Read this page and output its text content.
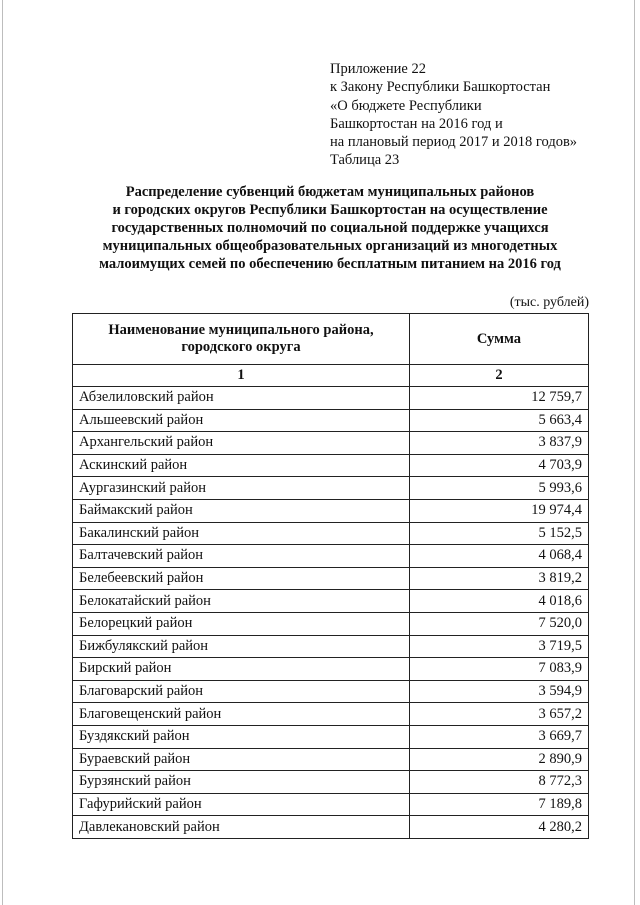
Приложение 22
к Закону Республики Башкортостан
«О бюджете Республики
Башкортостан на 2016 год и
на плановый период 2017 и 2018 годов»
Таблица 23
Распределение субвенций бюджетам муниципальных районов
и городских округов Республики Башкортостан на осуществление
государственных полномочий по социальной поддержке учащихся
муниципальных общеобразовательных организаций из многодетных
малоимущих семей по обеспечению бесплатным питанием на 2016 год
(тыс. рублей)
Наименование муниципального района,
городского округа	Сумма
1	2
Абзелиловский район	12 759,7
Альшеевский район	5 663,4
Архангельский район	3 837,9
Аскинский район	4 703,9
Аургазинский район	5 993,6
Баймакский район	19 974,4
Бакалинский район	5 152,5
Балтачевский район	4 068,4
Белебеевский район	3 819,2
Белокатайский район	4 018,6
Белорецкий район	7 520,0
Бижбулякский район	3 719,5
Бирский район	7 083,9
Благоварский район	3 594,9
Благовещенский район	3 657,2
Буздякский район	3 669,7
Бураевский район	2 890,9
Бурзянский район	8 772,3
Гафурийский район	7 189,8
Давлекановский район	4 280,2
